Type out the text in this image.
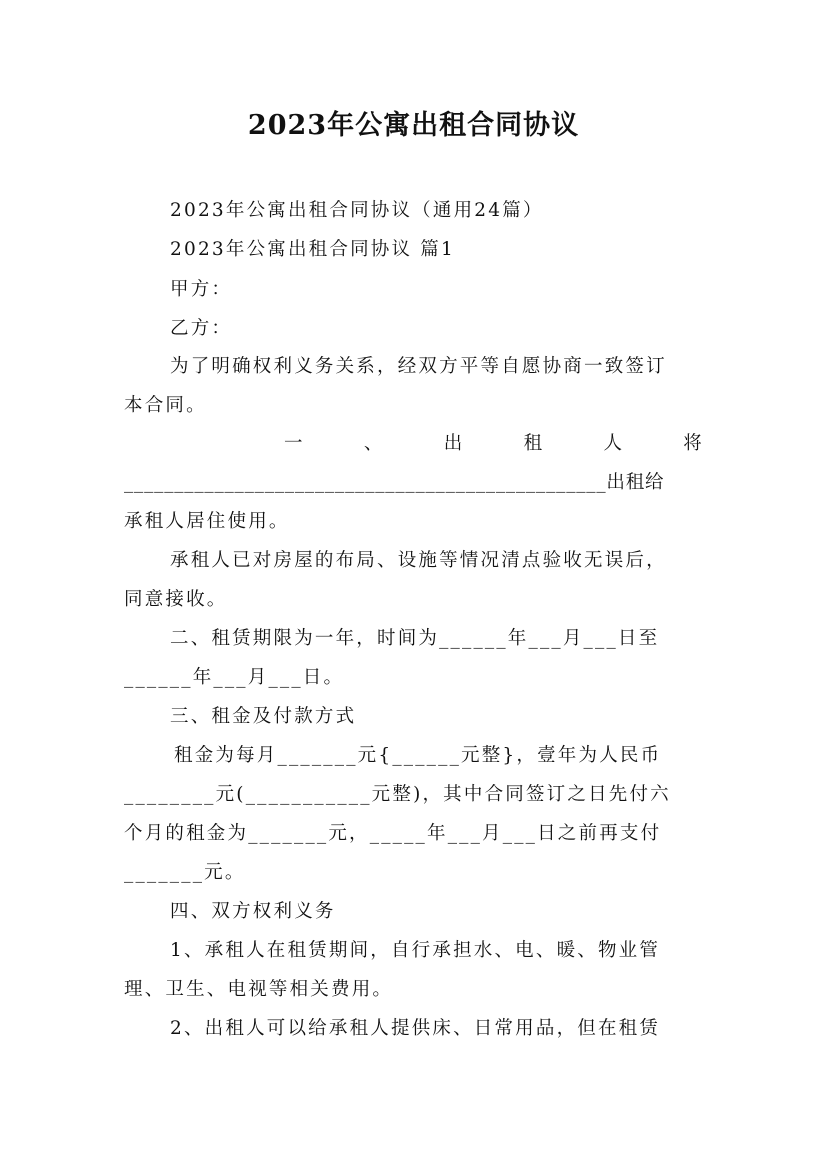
2023年公寓出租合同协议
2023年公寓出租合同协议（通用24篇）
2023年公寓出租合同协议 篇1
甲方：
乙方：
为了明确权利义务关系，经双方平等自愿协商一致签订
本合同。
一	、	出	租	人	将
________________________________________________出租给
承租人居住使用。
承租人已对房屋的布局、设施等情况清点验收无误后，
同意接收。
二、租赁期限为一年，时间为______年___月___日至
______年___月___日。
三、租金及付款方式
租金为每月_______元{______元整}，壹年为人民币
________元(___________元整)，其中合同签订之日先付六
个月的租金为_______元，_____年___月___日之前再支付
_______元。
四、双方权利义务
1、承租人在租赁期间，自行承担水、电、暖、物业管
理、卫生、电视等相关费用。
2、出租人可以给承租人提供床、日常用品，但在租赁
